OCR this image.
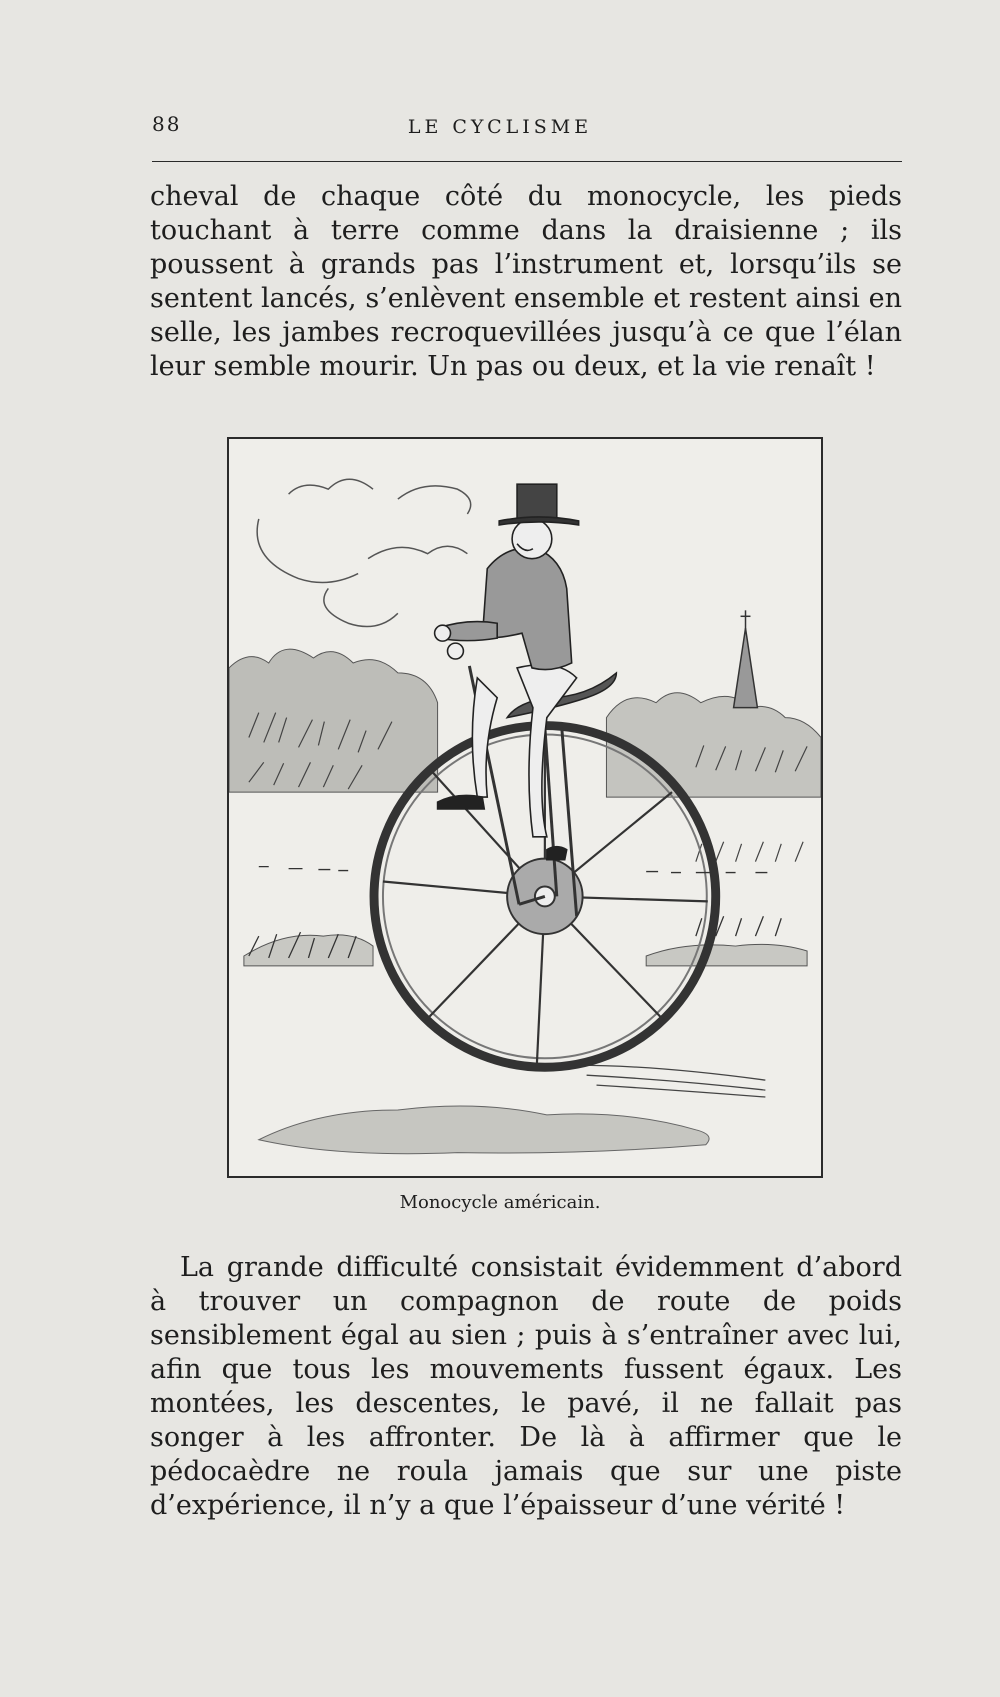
88	LE CYCLISME

cheval de chaque côté du monocycle, les pieds touchant à terre comme dans la draisienne ; ils poussent à grands pas l’instrument et, lorsqu’ils se sentent lancés, s’enlèvent ensemble et restent ainsi en selle, les jambes recroquevillées jusqu’à ce que l’élan leur semble mourir. Un pas ou deux, et la vie renaît !

Monocycle américain.

La grande difficulté consistait évidemment d’abord à trouver un compagnon de route de poids sensiblement égal au sien ; puis à s’entraîner avec lui, afin que tous les mouvements fussent égaux. Les montées, les descentes, le pavé, il ne fallait pas songer à les affronter. De là à affirmer que le pédocaèdre ne roula jamais que sur une piste d’expérience, il n’y a que l’épaisseur d’une vérité !
